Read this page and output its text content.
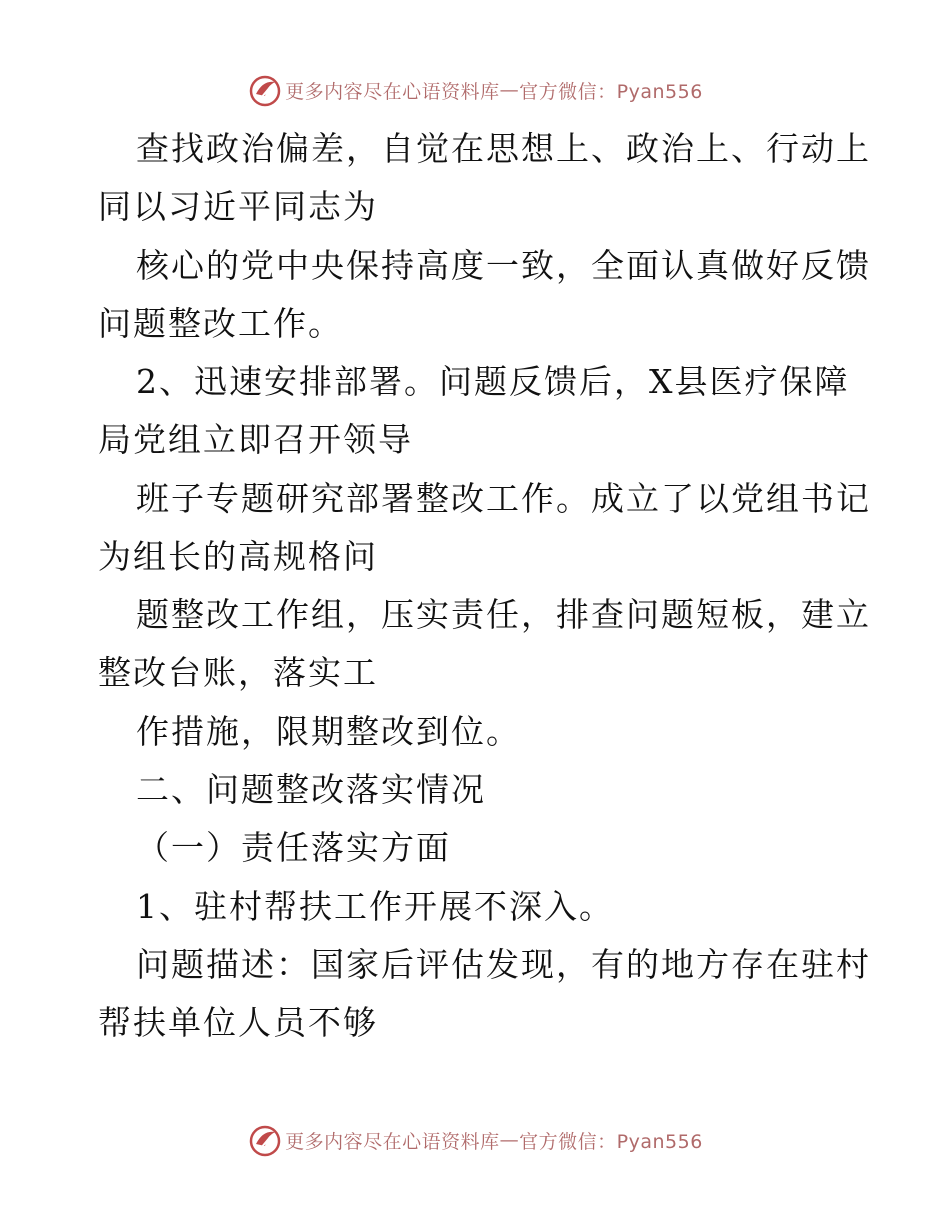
更多内容尽在心语资料库 — 官方微信：Pyan556

查找政治偏差，自觉在思想上、政治上、行动上
同以习近平同志为

核心的党中央保持高度一致，全面认真做好反馈
问题整改工作。

2、迅速安排部署。问题反馈后，X县医疗保障
局党组立即召开领导

班子专题研究部署整改工作。成立了以党组书记
为组长的高规格问

题整改工作组，压实责任，排查问题短板，建立
整改台账，落实工

作措施，限期整改到位。

二、问题整改落实情况

（一）责任落实方面

1、驻村帮扶工作开展不深入。

问题描述：国家后评估发现，有的地方存在驻村
帮扶单位人员不够

更多内容尽在心语资料库 — 官方微信：Pyan556
